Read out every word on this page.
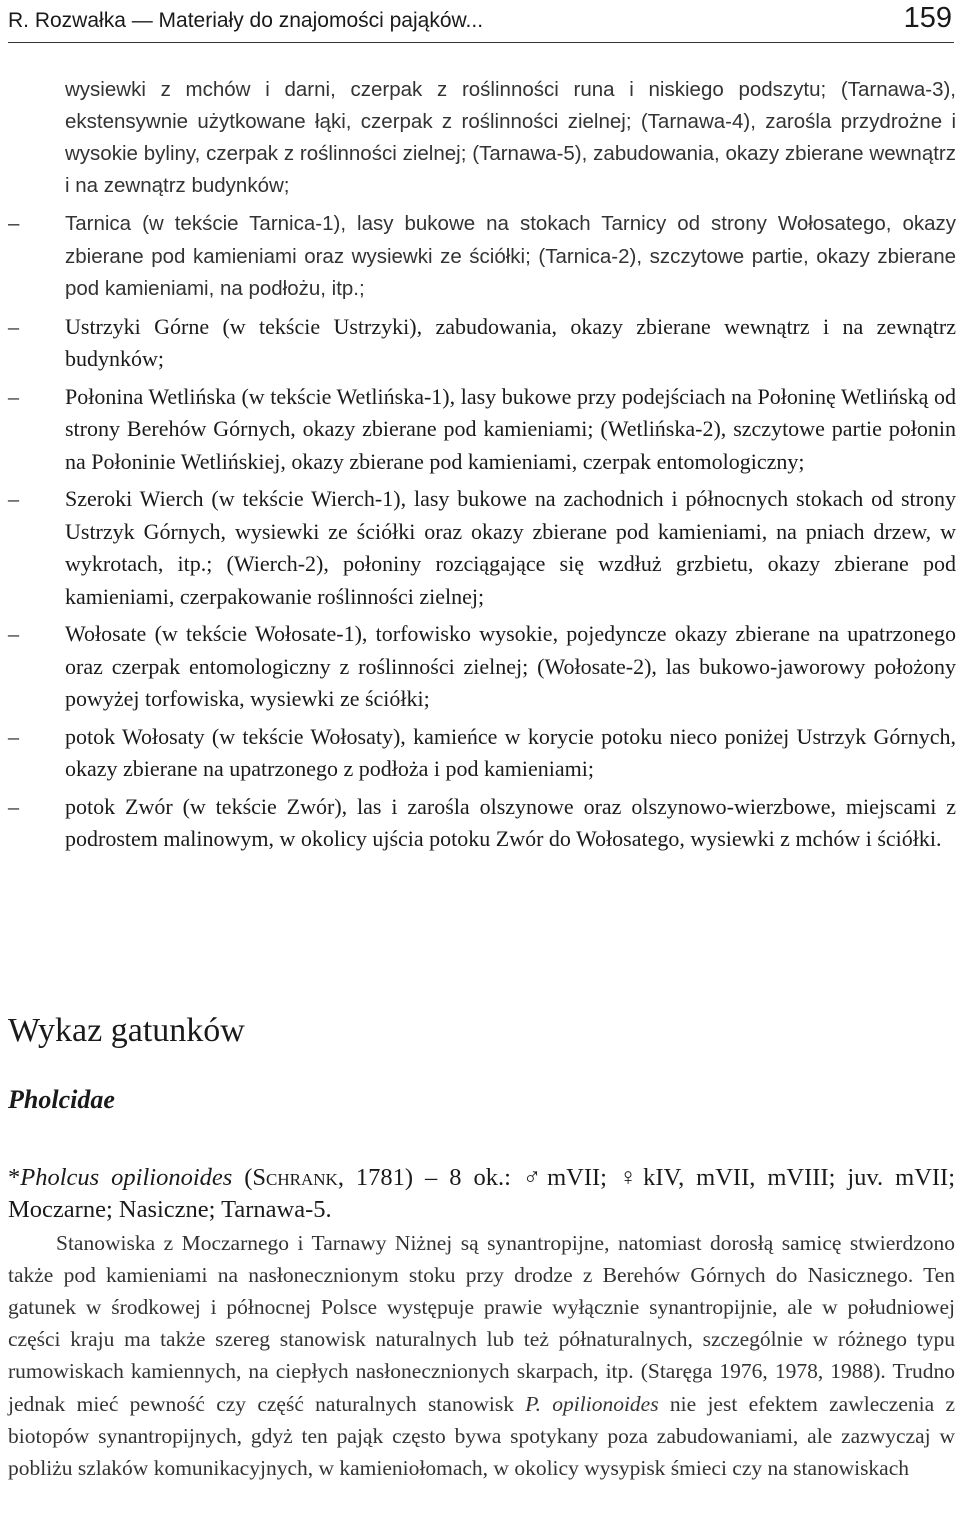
R. Rozwałka — Materiały do znajomości pająków...	159

wysiewki z mchów i darni, czerpak z roślinności runa i niskiego podszytu; (Tarnawa-3), ekstensywnie użytkowane łąki, czerpak z roślinności zielnej; (Tarnawa-4), zarośla przydrożne i wysokie byliny, czerpak z roślinności zielnej; (Tarnawa-5), zabudowania, okazy zbierane wewnątrz i na zewnątrz budynków;

–	Tarnica (w tekście Tarnica-1), lasy bukowe na stokach Tarnicy od strony Wołosatego, okazy zbierane pod kamieniami oraz wysiewki ze ściółki; (Tarnica-2), szczytowe partie, okazy zbierane pod kamieniami, na podłożu, itp.;
–	Ustrzyki Górne (w tekście Ustrzyki), zabudowania, okazy zbierane wewnątrz i na zewnątrz budynków;
–	Połonina Wetlińska (w tekście Wetlińska-1), lasy bukowe przy podejściach na Połoninę Wetlińską od strony Berehów Górnych, okazy zbierane pod kamieniami; (Wetlińska-2), szczytowe partie połonin na Połoninie Wetlińskiej, okazy zbierane pod kamieniami, czerpak entomologiczny;
–	Szeroki Wierch (w tekście Wierch-1), lasy bukowe na zachodnich i północnych stokach od strony Ustrzyk Górnych, wysiewki ze ściółki oraz okazy zbierane pod kamieniami, na pniach drzew, w wykrotach, itp.; (Wierch-2), połoniny rozciągające się wzdłuż grzbietu, okazy zbierane pod kamieniami, czerpakowanie roślinności zielnej;
–	Wołosate (w tekście Wołosate-1), torfowisko wysokie, pojedyncze okazy zbierane na upatrzonego oraz czerpak entomologiczny z roślinności zielnej; (Wołosate-2), las bukowo-jaworowy położony powyżej torfowiska, wysiewki ze ściółki;
–	potok Wołosaty (w tekście Wołosaty), kamieńce w korycie potoku nieco poniżej Ustrzyk Górnych, okazy zbierane na upatrzonego z podłoża i pod kamieniami;
–	potok Zwór (w tekście Zwór), las i zarośla olszynowe oraz olszynowo-wierzbowe, miejscami z podrostem malinowym, w okolicy ujścia potoku Zwór do Wołosatego, wysiewki z mchów i ściółki.
Wykaz gatunków
Pholcidae

*Pholcus opilionoides (Schrank, 1781) – 8 ok.: ♂mVII; ♀kIV, mVII, mVIII; juv. mVII; Moczarne; Nasiczne; Tarnawa-5.

Stanowiska z Moczarnego i Tarnawy Niżnej są synantropijne, natomiast dorosłą samicę stwierdzono także pod kamieniami na nasłonecznionym stoku przy drodze z Berehów Górnych do Nasicznego. Ten gatunek w środkowej i północnej Polsce występuje prawie wyłącznie synantropijnie, ale w południowej części kraju ma także szereg stanowisk naturalnych lub też półnaturalnych, szczególnie w różnego typu rumowiskach kamiennych, na ciepłych nasłonecznionych skarpach, itp. (Staręga 1976, 1978, 1988). Trudno jednak mieć pewność czy część naturalnych stanowisk P. opilionoides nie jest efektem zawleczenia z biotopów synantropijnych, gdyż ten pająk często bywa spotykany poza zabudowaniami, ale zazwyczaj w pobliżu szlaków komunikacyjnych, w kamieniołomach, w okolicy wysypisk śmieci czy na stanowiskach
